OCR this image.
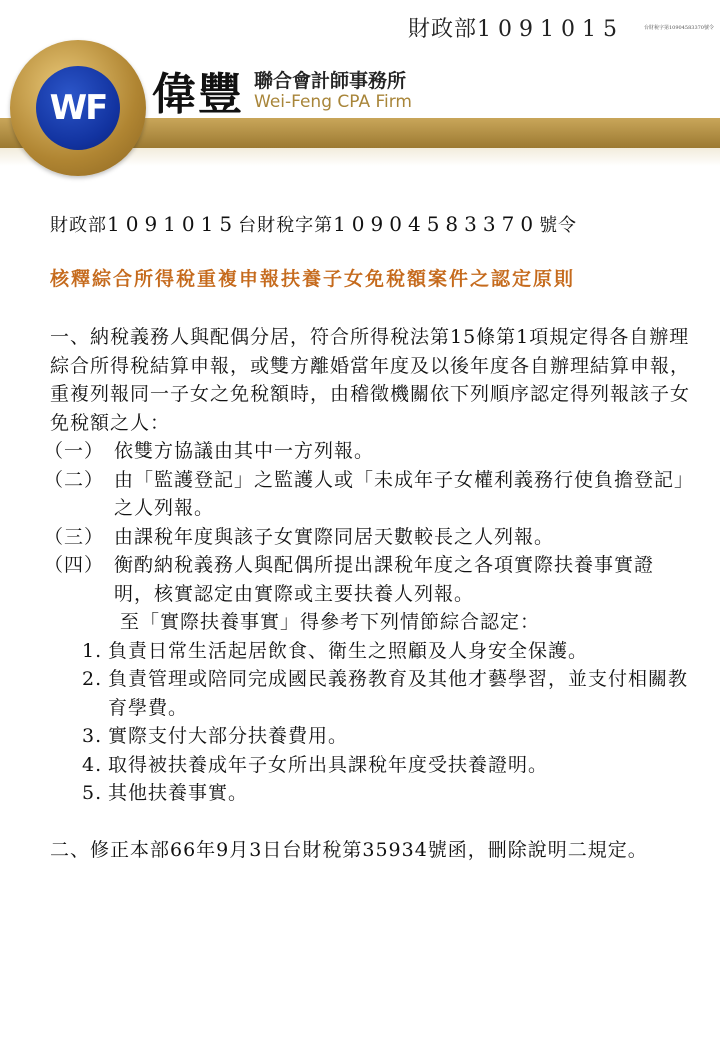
財政部1091015	台財稅字第10904583370號令
WF 偉豐 聯合會計師事務所
Wei-Feng CPA Firm

財政部1091015台財稅字第10904583370號令

核釋綜合所得稅重複申報扶養子女免稅額案件之認定原則

一、納稅義務人與配偶分居，符合所得稅法第15條第1項規定得各自辦理綜合所得稅結算申報，或雙方離婚當年度及以後年度各自辦理結算申報，重複列報同一子女之免稅額時，由稽徵機關依下列順序認定得列報該子女免稅額之人：

（一） 依雙方協議由其中一方列報。
（二） 由「監護登記」之監護人或「未成年子女權利義務行使負擔登記」之人列報。
（三） 由課稅年度與該子女實際同居天數較長之人列報。
（四） 衡酌納稅義務人與配偶所提出課稅年度之各項實際扶養事實證明，核實認定由實際或主要扶養人列報。

至「實際扶養事實」得參考下列情節綜合認定：

1. 負責日常生活起居飲食、衛生之照顧及人身安全保護。
2. 負責管理或陪同完成國民義務教育及其他才藝學習，並支付相關教育學費。
3. 實際支付大部分扶養費用。
4. 取得被扶養成年子女所出具課稅年度受扶養證明。
5. 其他扶養事實。

二、修正本部66年9月3日台財稅第35934號函，刪除說明二規定。
